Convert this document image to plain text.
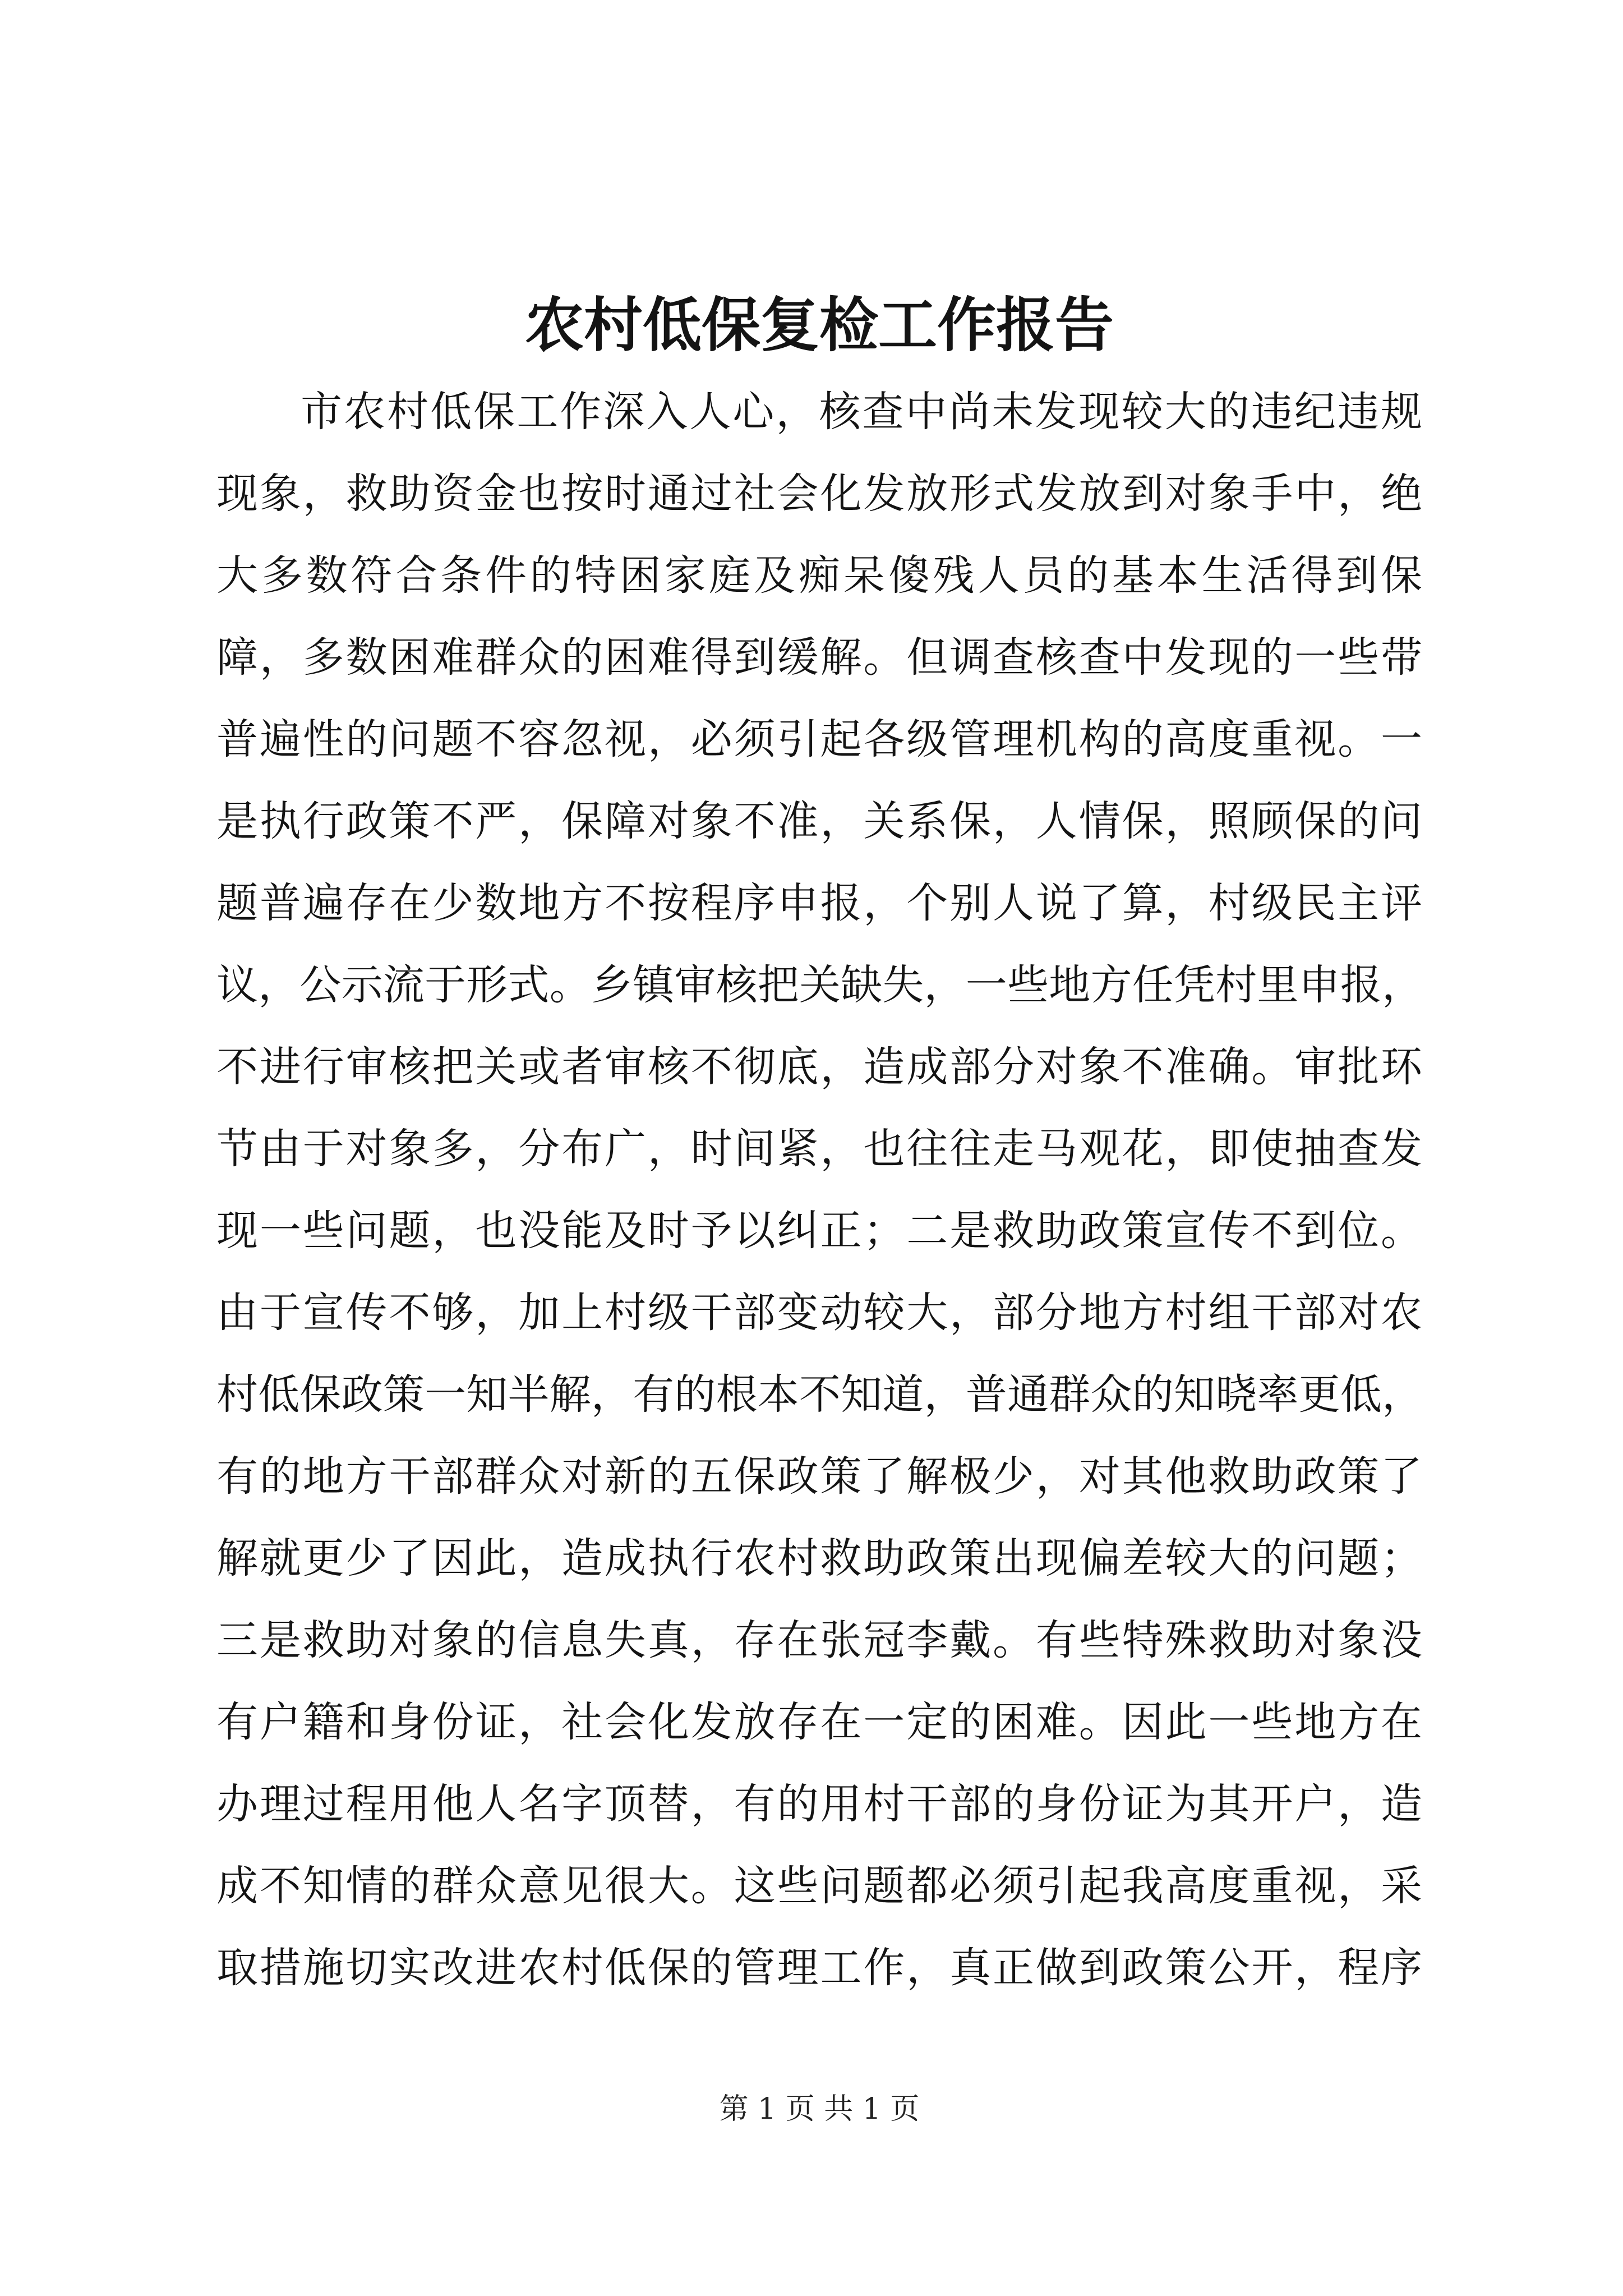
农村低保复检工作报告
市农村低保工作深入人心，核查中尚未发现较大的违纪违规
现象，救助资金也按时通过社会化发放形式发放到对象手中，绝
大多数符合条件的特困家庭及痴呆傻残人员的基本生活得到保
障，多数困难群众的困难得到缓解。但调查核查中发现的一些带
普遍性的问题不容忽视，必须引起各级管理机构的高度重视。一
是执行政策不严，保障对象不准，关系保，人情保，照顾保的问
题普遍存在少数地方不按程序申报，个别人说了算，村级民主评
议，公示流于形式。乡镇审核把关缺失，一些地方任凭村里申报，
不进行审核把关或者审核不彻底，造成部分对象不准确。审批环
节由于对象多，分布广，时间紧，也往往走马观花，即使抽查发
现一些问题，也没能及时予以纠正；二是救助政策宣传不到位。
由于宣传不够，加上村级干部变动较大，部分地方村组干部对农
村低保政策一知半解，有的根本不知道，普通群众的知晓率更低，
有的地方干部群众对新的五保政策了解极少，对其他救助政策了
解就更少了因此，造成执行农村救助政策出现偏差较大的问题；
三是救助对象的信息失真，存在张冠李戴。有些特殊救助对象没
有户籍和身份证，社会化发放存在一定的困难。因此一些地方在
办理过程用他人名字顶替，有的用村干部的身份证为其开户，造
成不知情的群众意见很大。这些问题都必须引起我高度重视，采
取措施切实改进农村低保的管理工作，真正做到政策公开，程序
第 1 页 共 1 页
